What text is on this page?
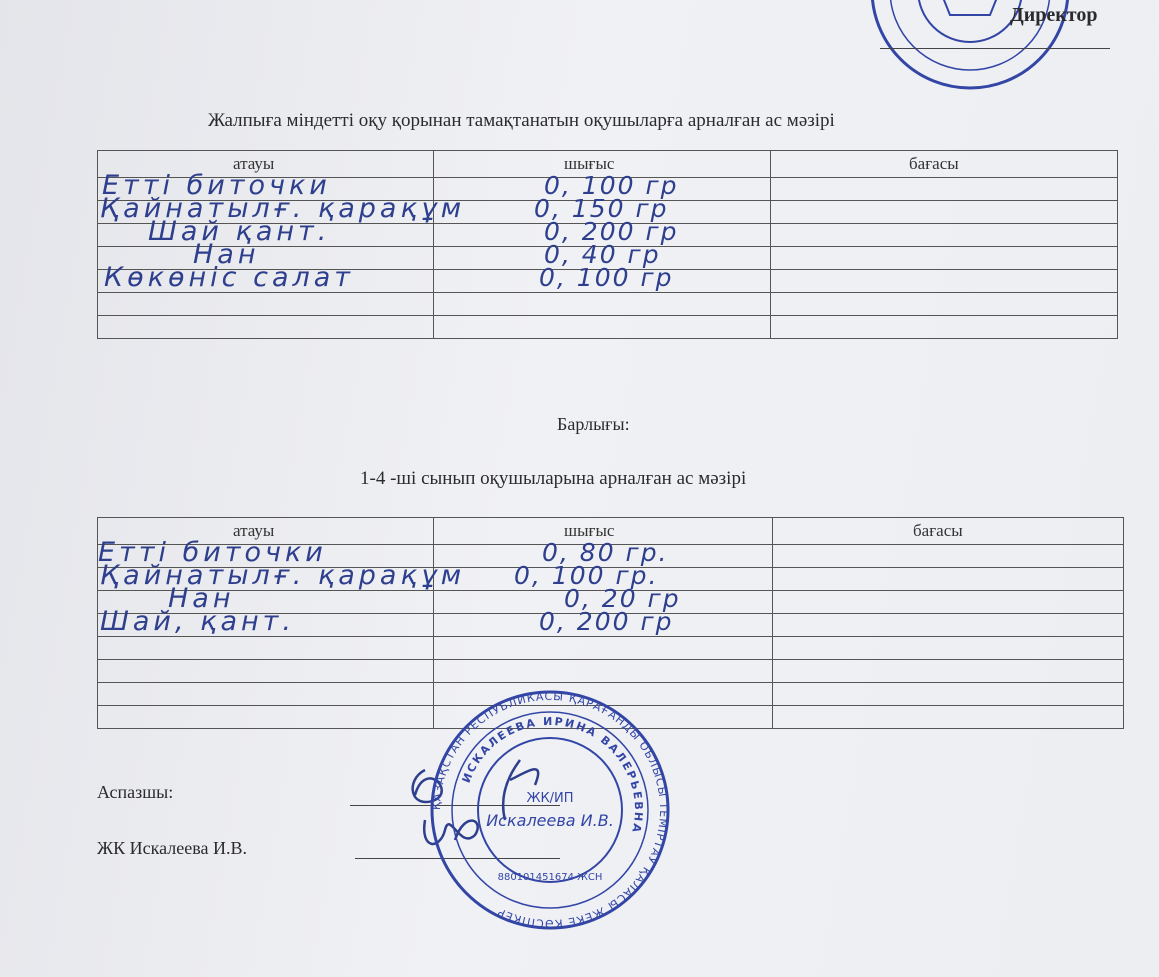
Директор
Жалпыға міндетті оқу қорынан тамақтанатын оқушыларға арналған ас мәзірі
атауы	шығыс	бағасы

Етті биточки	0, 100 гр	

Қайнатылғ. қарақұм	0, 150 гр	

Шай қант.	0, 200 гр	

Нан	0, 40 гр	

Көкөніс салат	0, 100 гр	

Барлығы:
1-4 -ші сынып оқушыларына арналған ас мәзірі
атауы	шығыс	бағасы

Етті биточки	0, 80 гр.	

Қайнатылғ. қарақұм	0, 100 гр.	

Нан	0, 20 гр	

Шай, қант.	0, 200 гр	

Аспазшы:
ЖК Искалеева И.В.
ҚАЗАҚСТАН РЕСПУБЛИКАСЫ ҚАРАҒАНДЫ ОБЛЫСЫ ТЕМІРТАУ ҚАЛАСЫ ЖЕКЕ КӘСІПКЕР
ИСКАЛЕЕВА ИРИНА ВАЛЕРЬЕВНА
ЖК/ИП
Искалеева И.В.
880101451674 ЖСН
